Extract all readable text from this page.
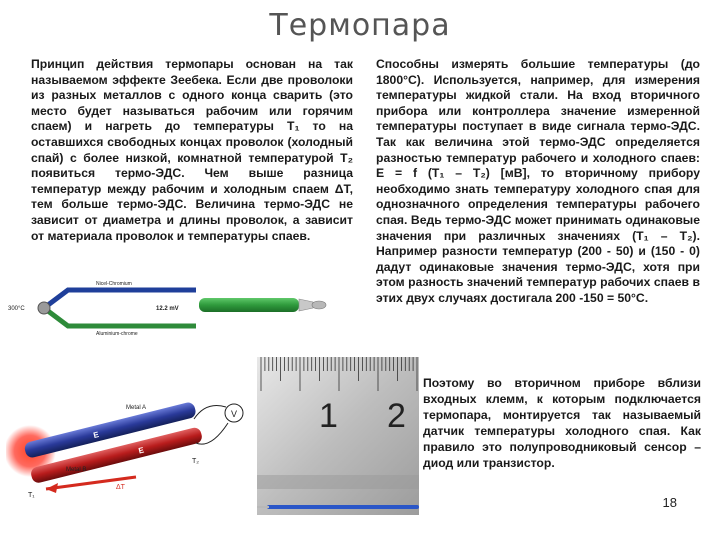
Термопара

Принцип действия термопары основан на так называемом эффекте Зеебека. Если две проволоки из разных металлов с одного конца сварить (это место будет называться рабочим или горячим спаем) и нагреть до температуры T₁ то на оставшихся свободных концах проволок (холодный спай) с более низкой, комнатной температурой T₂ появиться термо-ЭДС. Чем выше разница температур между рабочим и холодным спаем ΔT, тем больше термо-ЭДС. Величина термо-ЭДС не зависит от диаметра и длины проволок, а зависит от материала проволок и температуры спаев.

Способны измерять большие температуры (до 1800°С). Используется, например, для измерения температуры жидкой стали. На вход вторичного прибора или контроллера значение измеренной температуры поступает в виде сигнала термо-ЭДС. Так как величина этой термо-ЭДС определяется разностью температур рабочего и холодного спаев: E = f (T₁ – T₂) [мВ], то вторичному прибору необходимо знать температуру холодного спая для однозначного определения температуры рабочего спая. Ведь термо-ЭДС может принимать одинаковые значения при различных значениях (T₁ – T₂). Например разности температур (200 - 50) и (150 - 0) дадут одинаковые значения термо-ЭДС, хотя при этом разность значений температур рабочих спаев в этих двух случаях достигала 200 -150 = 50°С.

Поэтому во вторичном приборе вблизи входных клемм, к которым подключается термопара, монтируется так называемый датчик температуры холодного спая. Как правило это полупроводниковый сенсор – диод или транзистор.

Nicel-Chromium
Aluminium-chrome
300°C	12.2 mV
E
E
V
Metal A
Metal B
ΔT
T₁
T₂
1 2
18
